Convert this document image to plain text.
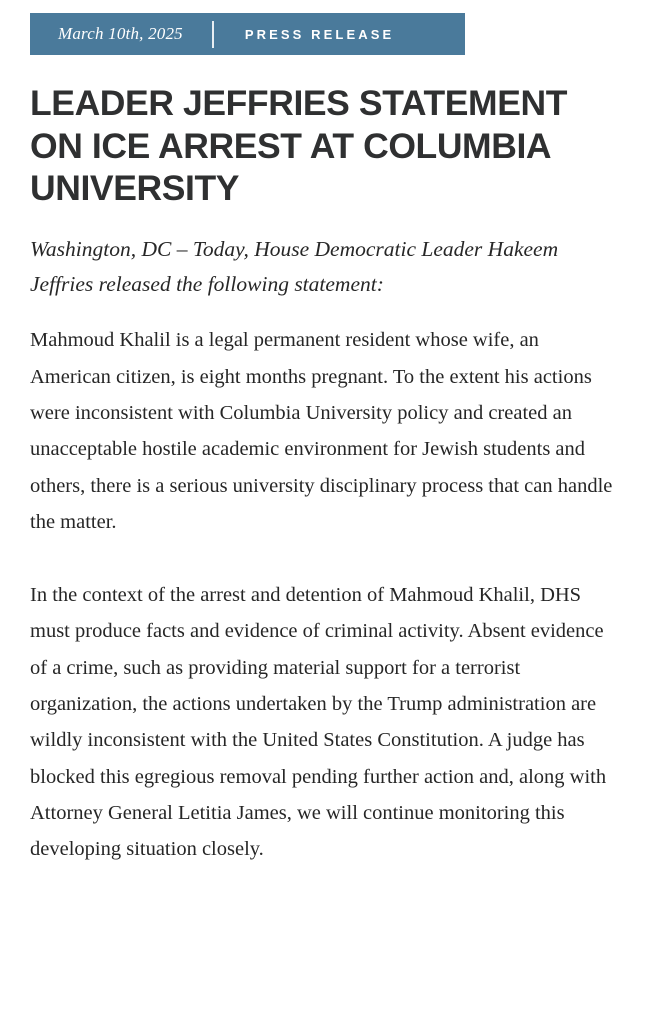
March 10th, 2025	PRESS RELEASE
LEADER JEFFRIES STATEMENT ON ICE ARREST AT COLUMBIA UNIVERSITY

Washington, DC – Today, House Democratic Leader Hakeem Jeffries released the following statement:

Mahmoud Khalil is a legal permanent resident whose wife, an American citizen, is eight months pregnant. To the extent his actions were inconsistent with Columbia University policy and created an unacceptable hostile academic environment for Jewish students and others, there is a serious university disciplinary process that can handle the matter.

In the context of the arrest and detention of Mahmoud Khalil, DHS must produce facts and evidence of criminal activity. Absent evidence of a crime, such as providing material support for a terrorist organization, the actions undertaken by the Trump administration are wildly inconsistent with the United States Constitution. A judge has blocked this egregious removal pending further action and, along with Attorney General Letitia James, we will continue monitoring this developing situation closely.
